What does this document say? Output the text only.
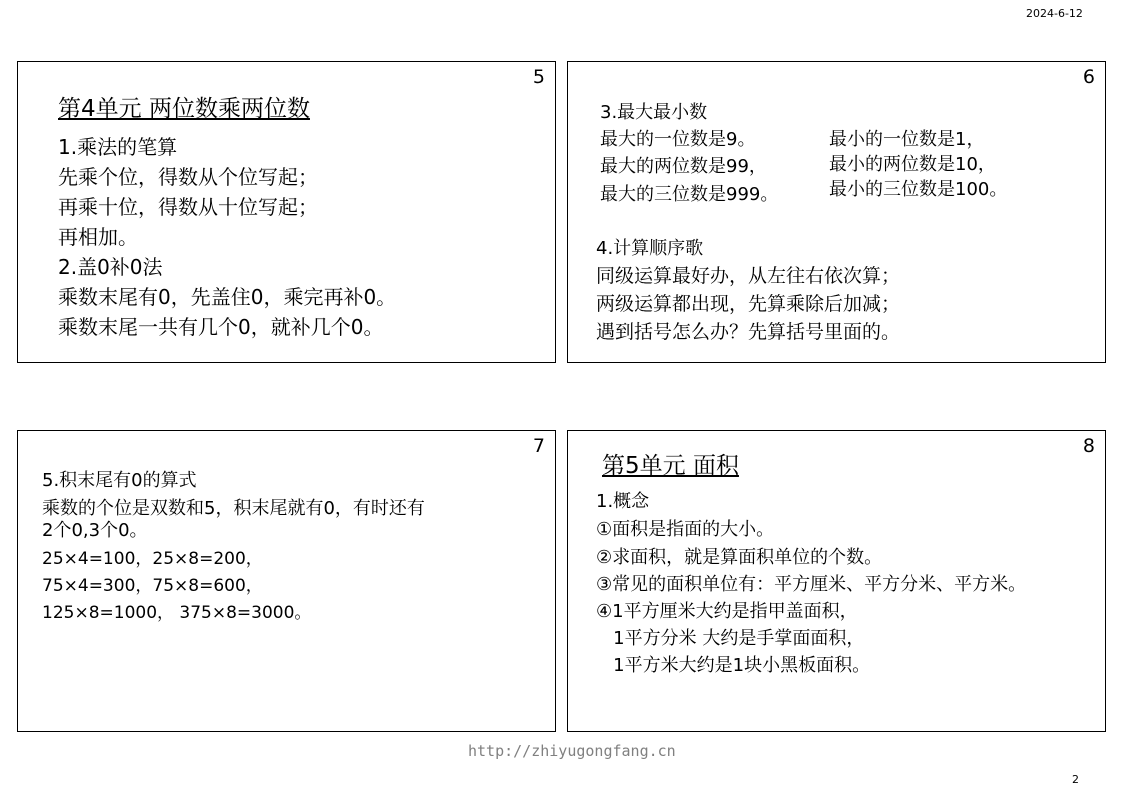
2024-6-12
5
第4单元 两位数乘两位数
1.乘法的笔算
先乘个位，得数从个位写起；
再乘十位，得数从十位写起；
再相加。
2.盖0补0法
乘数末尾有0，先盖住0，乘完再补0。
乘数末尾一共有几个0，就补几个0。
6
3.最大最小数
最大的一位数是9。
最大的两位数是99，
最大的三位数是999。
最小的一位数是1，
最小的两位数是10，
最小的三位数是100。
4.计算顺序歌
同级运算最好办，从左往右依次算；
两级运算都出现，先算乘除后加减；
遇到括号怎么办？先算括号里面的。
7
5.积末尾有0的算式
乘数的个位是双数和5，积末尾就有0，有时还有
2个0,3个0。
25×4=100，25×8=200，
75×4=300，75×8=600，
125×8=1000， 375×8=3000。
8
第5单元 面积
1.概念
①面积是指面的大小。
②求面积，就是算面积单位的个数。
③常见的面积单位有：平方厘米、平方分米、平方米。
④1平方厘米大约是指甲盖面积，
1平方分米 大约是手掌面面积，
1平方米大约是1块小黑板面积。
http://zhiyugongfang.cn
2
